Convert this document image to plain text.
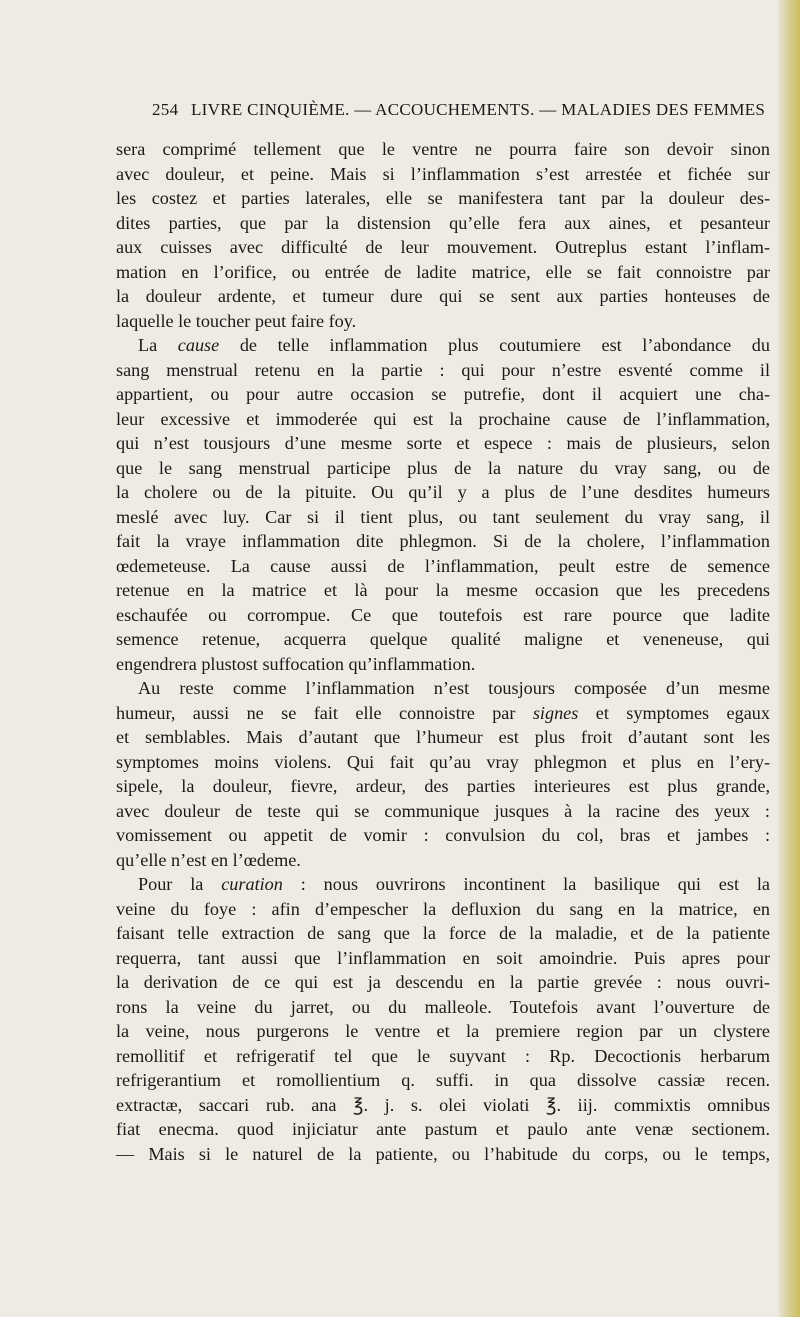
254 LIVRE CINQUIÈME. — ACCOUCHEMENTS. — MALADIES DES FEMMES
sera comprimé tellement que le ventre ne pourra faire son devoir sinon
avec douleur, et peine. Mais si l’inflammation s’est arrestée et fichée sur
les costez et parties laterales, elle se manifestera tant par la douleur des-
dites parties, que par la distension qu’elle fera aux aines, et pesanteur
aux cuisses avec difficulté de leur mouvement. Outreplus estant l’inflam-
mation en l’orifice, ou entrée de ladite matrice, elle se fait connoistre par
la douleur ardente, et tumeur dure qui se sent aux parties honteuses de
laquelle le toucher peut faire foy.
La cause de telle inflammation plus coutumiere est l’abondance du
sang menstrual retenu en la partie : qui pour n’estre esventé comme il
appartient, ou pour autre occasion se putrefie, dont il acquiert une cha-
leur excessive et immoderée qui est la prochaine cause de l’inflammation,
qui n’est tousjours d’une mesme sorte et espece : mais de plusieurs, selon
que le sang menstrual participe plus de la nature du vray sang, ou de
la cholere ou de la pituite. Ou qu’il y a plus de l’une desdites humeurs
meslé avec luy. Car si il tient plus, ou tant seulement du vray sang, il
fait la vraye inflammation dite phlegmon. Si de la cholere, l’inflammation
œdemeteuse. La cause aussi de l’inflammation, peult estre de semence
retenue en la matrice et là pour la mesme occasion que les precedens
eschaufée ou corrompue. Ce que toutefois est rare pource que ladite
semence retenue, acquerra quelque qualité maligne et veneneuse, qui
engendrera plustost suffocation qu’inflammation.
Au reste comme l’inflammation n’est tousjours composée d’un mesme
humeur, aussi ne se fait elle connoistre par signes et symptomes egaux
et semblables. Mais d’autant que l’humeur est plus froit d’autant sont les
symptomes moins violens. Qui fait qu’au vray phlegmon et plus en l’ery-
sipele, la douleur, fievre, ardeur, des parties interieures est plus grande,
avec douleur de teste qui se communique jusques à la racine des yeux :
vomissement ou appetit de vomir : convulsion du col, bras et jambes :
qu’elle n’est en l’œdeme.
Pour la curation : nous ouvrirons incontinent la basilique qui est la
veine du foye : afin d’empescher la defluxion du sang en la matrice, en
faisant telle extraction de sang que la force de la maladie, et de la patiente
requerra, tant aussi que l’inflammation en soit amoindrie. Puis apres pour
la derivation de ce qui est ja descendu en la partie grevée : nous ouvri-
rons la veine du jarret, ou du malleole. Toutefois avant l’ouverture de
la veine, nous purgerons le ventre et la premiere region par un clystere
remollitif et refrigeratif tel que le suyvant : Rp. Decoctionis herbarum
refrigerantium et romollientium q. suffi. in qua dissolve cassiæ recen.
extractæ, saccari rub. ana ℥. j. s. olei violati ℥. iij. commixtis omnibus
fiat enecma. quod injiciatur ante pastum et paulo ante venæ sectionem.
— Mais si le naturel de la patiente, ou l’habitude du corps, ou le temps,
